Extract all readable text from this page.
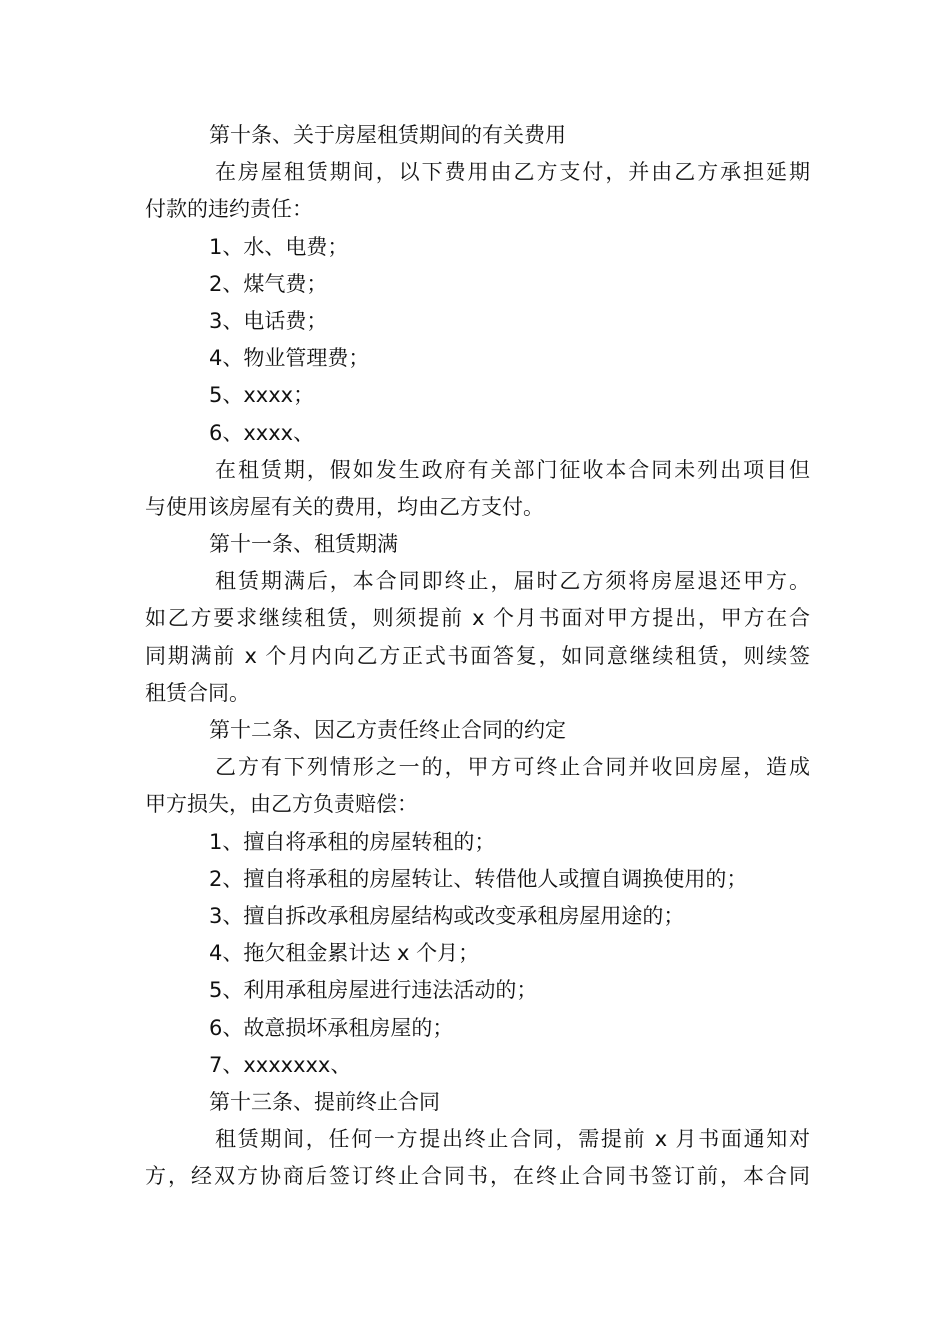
第十条、关于房屋租赁期间的有关费用
在房屋租赁期间，以下费用由乙方支付，并由乙方承担延期
付款的违约责任：
1、水、电费；
2、煤气费；
3、电话费；
4、物业管理费；
5、xxxx；
6、xxxx、
在租赁期，假如发生政府有关部门征收本合同未列出项目但
与使用该房屋有关的费用，均由乙方支付。
第十一条、租赁期满
租赁期满后，本合同即终止，届时乙方须将房屋退还甲方。
如乙方要求继续租赁，则须提前 x 个月书面对甲方提出，甲方在合
同期满前 x 个月内向乙方正式书面答复，如同意继续租赁，则续签
租赁合同。
第十二条、因乙方责任终止合同的约定
乙方有下列情形之一的，甲方可终止合同并收回房屋，造成
甲方损失，由乙方负责赔偿：
1、擅自将承租的房屋转租的；
2、擅自将承租的房屋转让、转借他人或擅自调换使用的；
3、擅自拆改承租房屋结构或改变承租房屋用途的；
4、拖欠租金累计达 x 个月；
5、利用承租房屋进行违法活动的；
6、故意损坏承租房屋的；
7、xxxxxxx、
第十三条、提前终止合同
租赁期间，任何一方提出终止合同，需提前 x 月书面通知对
方，经双方协商后签订终止合同书，在终止合同书签订前，本合同
